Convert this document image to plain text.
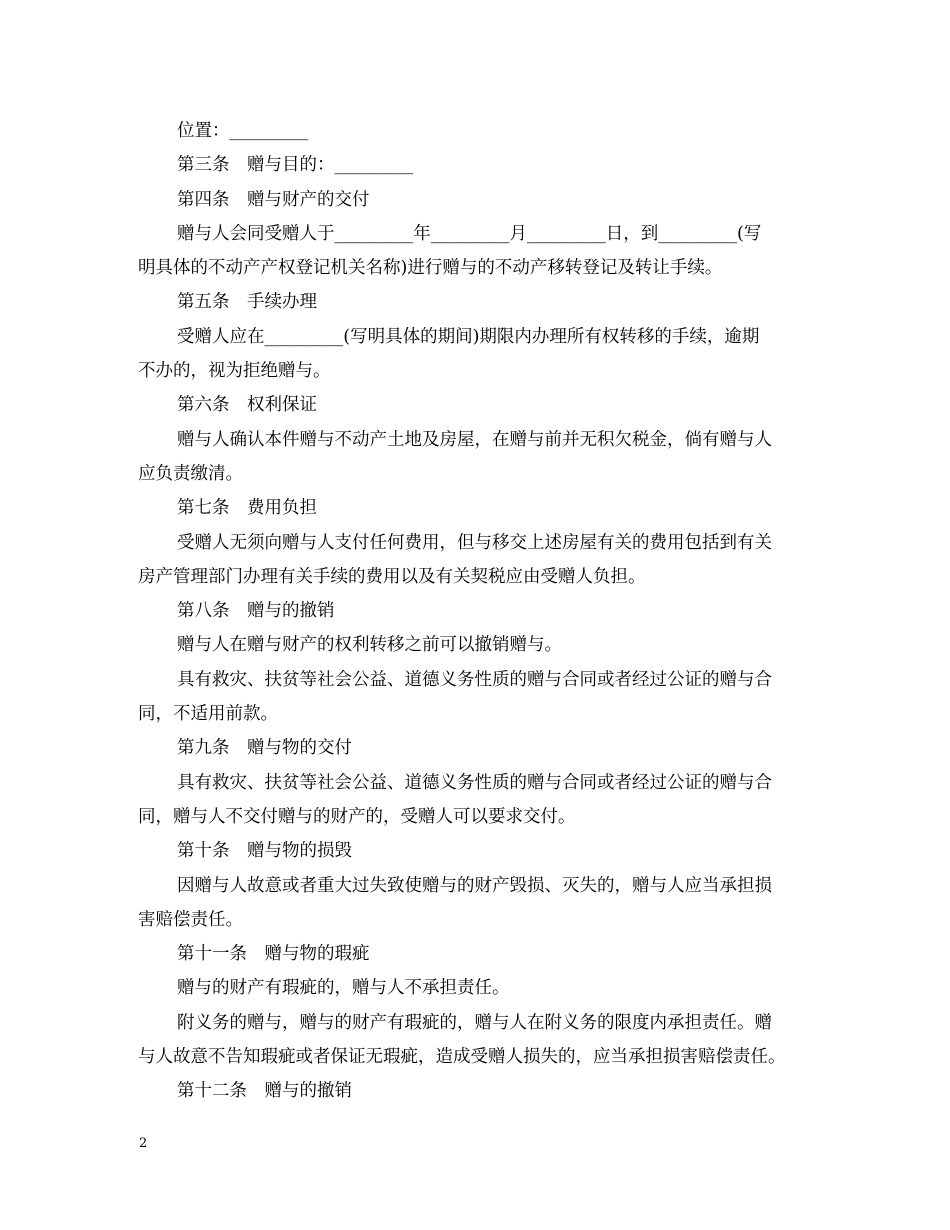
位置：_________
第三条　赠与目的：_________
第四条　赠与财产的交付
赠与人会同受赠人于_________年_________月_________日，到_________(写
明具体的不动产产权登记机关名称)进行赠与的不动产移转登记及转让手续。
第五条　手续办理
受赠人应在_________(写明具体的期间)期限内办理所有权转移的手续，逾期
不办的，视为拒绝赠与。
第六条　权利保证
赠与人确认本件赠与不动产土地及房屋，在赠与前并无积欠税金，倘有赠与人
应负责缴清。
第七条　费用负担
受赠人无须向赠与人支付任何费用，但与移交上述房屋有关的费用包括到有关
房产管理部门办理有关手续的费用以及有关契税应由受赠人负担。
第八条　赠与的撤销
赠与人在赠与财产的权利转移之前可以撤销赠与。
具有救灾、扶贫等社会公益、道德义务性质的赠与合同或者经过公证的赠与合
同，不适用前款。
第九条　赠与物的交付
具有救灾、扶贫等社会公益、道德义务性质的赠与合同或者经过公证的赠与合
同，赠与人不交付赠与的财产的，受赠人可以要求交付。
第十条　赠与物的损毁
因赠与人故意或者重大过失致使赠与的财产毁损、灭失的，赠与人应当承担损
害赔偿责任。
第十一条　赠与物的瑕疵
赠与的财产有瑕疵的，赠与人不承担责任。
附义务的赠与，赠与的财产有瑕疵的，赠与人在附义务的限度内承担责任。赠
与人故意不告知瑕疵或者保证无瑕疵，造成受赠人损失的，应当承担损害赔偿责任。
第十二条　赠与的撤销
2
